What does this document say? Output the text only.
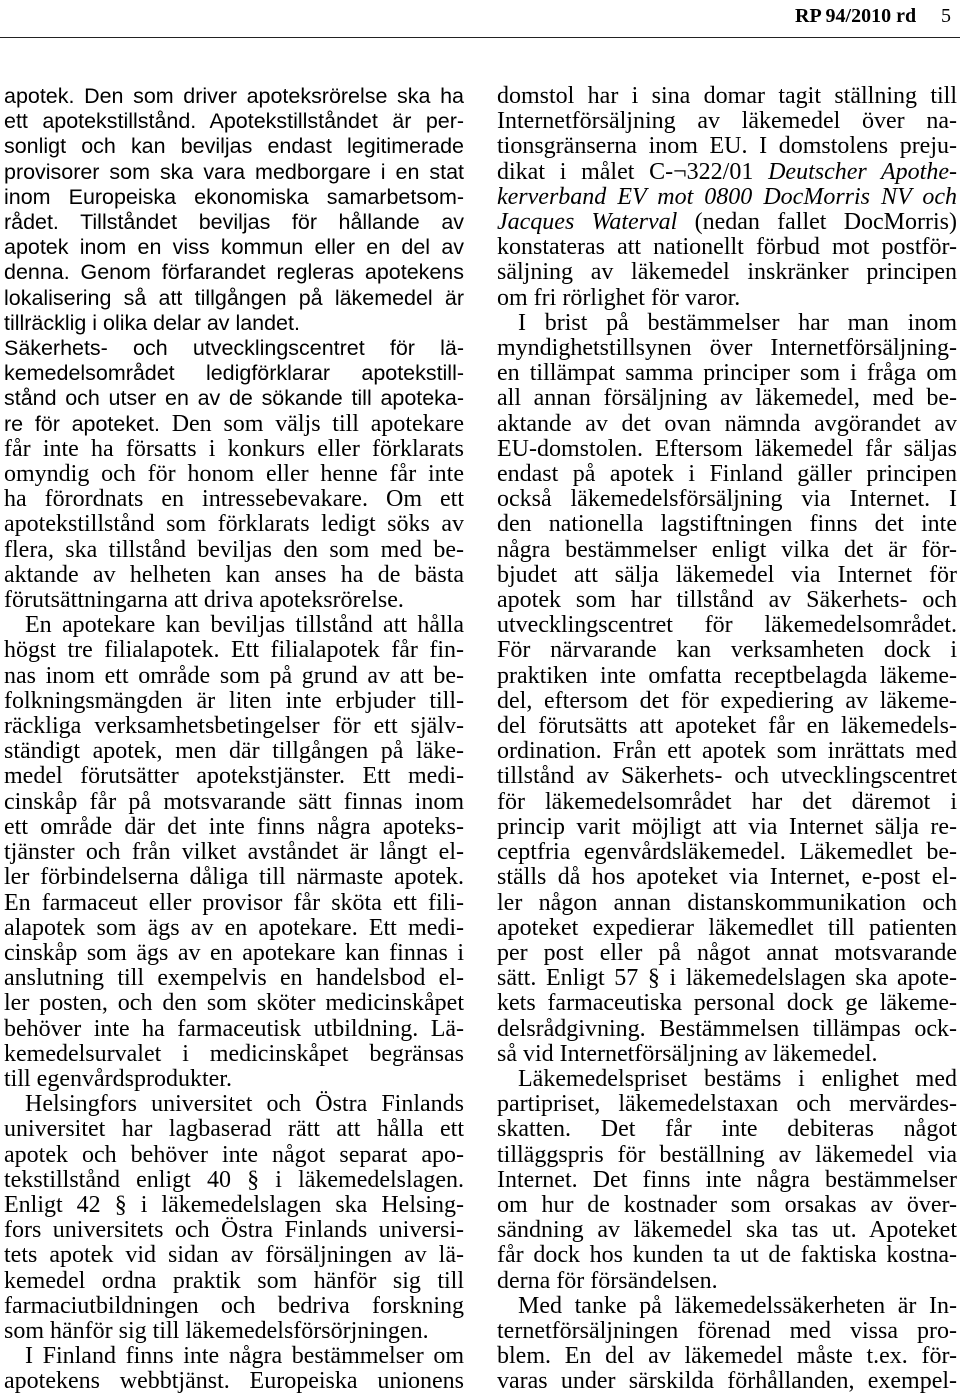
RP 94/2010 rd 5
apotek. Den som driver apoteksrörelse ska ha
ett apotekstillstånd. Apotekstillståndet är per-
sonligt och kan beviljas endast legitimerade
provisorer som ska vara medborgare i en stat
inom Europeiska ekonomiska samarbetsom-
rådet. Tillståndet beviljas för hållande av
apotek inom en viss kommun eller en del av
denna. Genom förfarandet regleras apotekens
lokalisering så att tillgången på läkemedel är
tillräcklig i olika delar av landet.
Säkerhets- och utvecklingscentret för lä-
kemedelsområdet ledigförklarar apotekstill-
stånd och utser en av de sökande till apoteka-
re för apoteket. Den som väljs till apotekare
får inte ha försatts i konkurs eller förklarats
omyndig och för honom eller henne får inte
ha förordnats en intressebevakare. Om ett
apotekstillstånd som förklarats ledigt söks av
flera, ska tillstånd beviljas den som med be-
aktande av helheten kan anses ha de bästa
förutsättningarna att driva apoteksrörelse.
En apotekare kan beviljas tillstånd att hålla
högst tre filialapotek. Ett filialapotek får fin-
nas inom ett område som på grund av att be-
folkningsmängden är liten inte erbjuder till-
räckliga verksamhetsbetingelser för ett själv-
ständigt apotek, men där tillgången på läke-
medel förutsätter apotekstjänster. Ett medi-
cinskåp får på motsvarande sätt finnas inom
ett område där det inte finns några apoteks-
tjänster och från vilket avståndet är långt el-
ler förbindelserna dåliga till närmaste apotek.
En farmaceut eller provisor får sköta ett fili-
alapotek som ägs av en apotekare. Ett medi-
cinskåp som ägs av en apotekare kan finnas i
anslutning till exempelvis en handelsbod el-
ler posten, och den som sköter medicinskåpet
behöver inte ha farmaceutisk utbildning. Lä-
kemedelsurvalet i medicinskåpet begränsas
till egenvårdsprodukter.
Helsingfors universitet och Östra Finlands
universitet har lagbaserad rätt att hålla ett
apotek och behöver inte något separat apo-
tekstillstånd enligt 40 § i läkemedelslagen.
Enligt 42 § i läkemedelslagen ska Helsing-
fors universitets och Östra Finlands universi-
tets apotek vid sidan av försäljningen av lä-
kemedel ordna praktik som hänför sig till
farmaciutbildningen och bedriva forskning
som hänför sig till läkemedelsförsörjningen.
I Finland finns inte några bestämmelser om
apotekens webbtjänst. Europeiska unionens
domstol har i sina domar tagit ställning till
Internetförsäljning av läkemedel över na-
tionsgränserna inom EU. I domstolens preju-
dikat i målet C-¬322/01 Deutscher Apothe-
kerverband EV mot 0800 DocMorris NV och
Jacques Waterval (nedan fallet DocMorris)
konstateras att nationellt förbud mot postför-
säljning av läkemedel inskränker principen
om fri rörlighet för varor.
I brist på bestämmelser har man inom
myndighetstillsynen över Internetförsäljning-
en tillämpat samma principer som i fråga om
all annan försäljning av läkemedel, med be-
aktande av det ovan nämnda avgörandet av
EU-domstolen. Eftersom läkemedel får säljas
endast på apotek i Finland gäller principen
också läkemedelsförsäljning via Internet. I
den nationella lagstiftningen finns det inte
några bestämmelser enligt vilka det är för-
bjudet att sälja läkemedel via Internet för
apotek som har tillstånd av Säkerhets- och
utvecklingscentret för läkemedelsområdet.
För närvarande kan verksamheten dock i
praktiken inte omfatta receptbelagda läkeme-
del, eftersom det för expediering av läkeme-
del förutsätts att apoteket får en läkemedels-
ordination. Från ett apotek som inrättats med
tillstånd av Säkerhets- och utvecklingscentret
för läkemedelsområdet har det däremot i
princip varit möjligt att via Internet sälja re-
ceptfria egenvårdsläkemedel. Läkemedlet be-
ställs då hos apoteket via Internet, e-post el-
ler någon annan distanskommunikation och
apoteket expedierar läkemedlet till patienten
per post eller på något annat motsvarande
sätt. Enligt 57 § i läkemedelslagen ska apote-
kets farmaceutiska personal dock ge läkeme-
delsrådgivning. Bestämmelsen tillämpas ock-
så vid Internetförsäljning av läkemedel.
Läkemedelspriset bestäms i enlighet med
partipriset, läkemedelstaxan och mervärdes-
skatten. Det får inte debiteras något
tilläggspris för beställning av läkemedel via
Internet. Det finns inte några bestämmelser
om hur de kostnader som orsakas av över-
sändning av läkemedel ska tas ut. Apoteket
får dock hos kunden ta ut de faktiska kostna-
derna för försändelsen.
Med tanke på läkemedelssäkerheten är In-
ternetförsäljningen förenad med vissa pro-
blem. En del av läkemedel måste t.ex. för-
varas under särskilda förhållanden, exempel-
